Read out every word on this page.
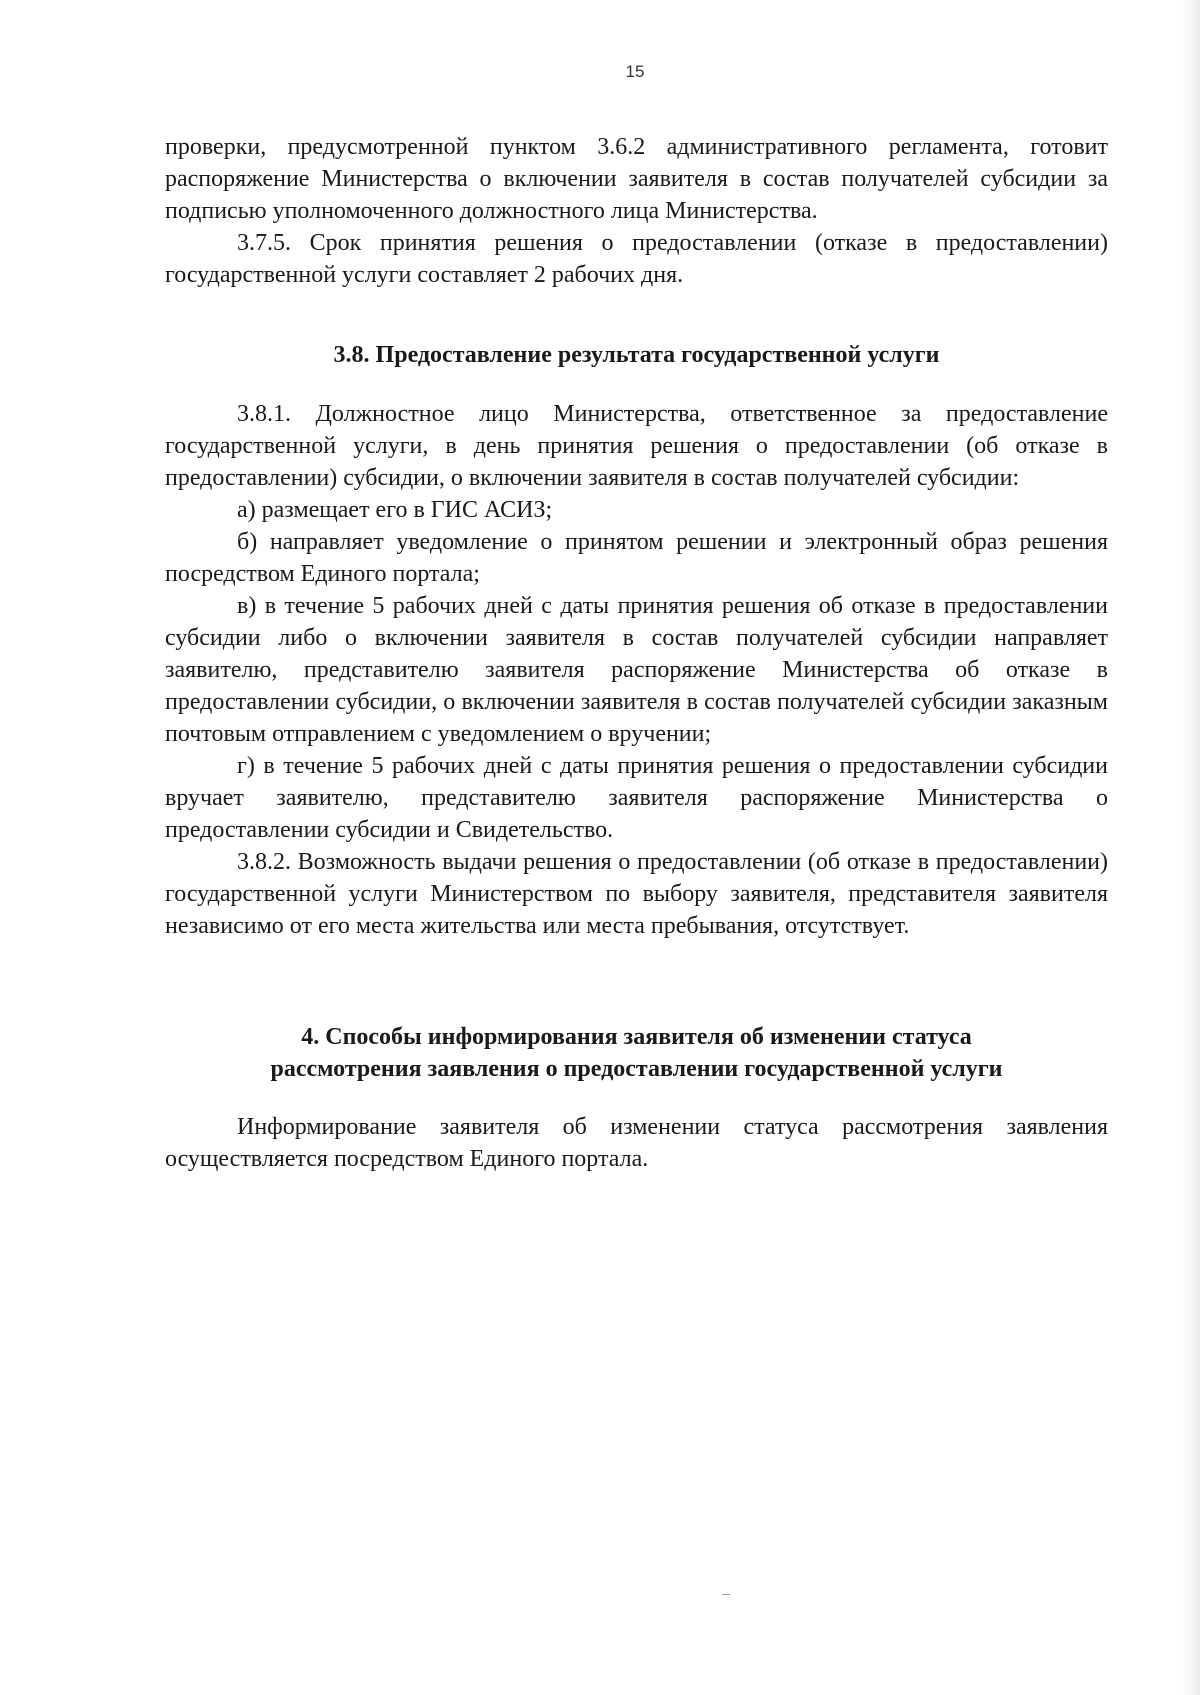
15

проверки, предусмотренной пунктом 3.6.2 административного регламента, готовит распоряжение Министерства о включении заявителя в состав получателей субсидии за подписью уполномоченного должностного лица Министерства.

3.7.5. Срок принятия решения о предоставлении (отказе в предоставлении) государственной услуги составляет 2 рабочих дня.

3.8. Предоставление результата государственной услуги

3.8.1. Должностное лицо Министерства, ответственное за предоставление государственной услуги, в день принятия решения о предоставлении (об отказе в предоставлении) субсидии, о включении заявителя в состав получателей субсидии:

а) размещает его в ГИС АСИЗ;

б) направляет уведомление о принятом решении и электронный образ решения посредством Единого портала;

в) в течение 5 рабочих дней с даты принятия решения об отказе в предоставлении субсидии либо о включении заявителя в состав получателей субсидии направляет заявителю, представителю заявителя распоряжение Министерства об отказе в предоставлении субсидии, о включении заявителя в состав получателей субсидии заказным почтовым отправлением с уведомлением о вручении;

г) в течение 5 рабочих дней с даты принятия решения о предоставлении субсидии вручает заявителю, представителю заявителя распоряжение Министерства о предоставлении субсидии и Свидетельство.

3.8.2. Возможность выдачи решения о предоставлении (об отказе в предоставлении) государственной услуги Министерством по выбору заявителя, представителя заявителя независимо от его места жительства или места пребывания, отсутствует.

4. Способы информирования заявителя об изменении статуса
рассмотрения заявления о предоставлении государственной услуги

Информирование заявителя об изменении статуса рассмотрения заявления осуществляется посредством Единого портала.
